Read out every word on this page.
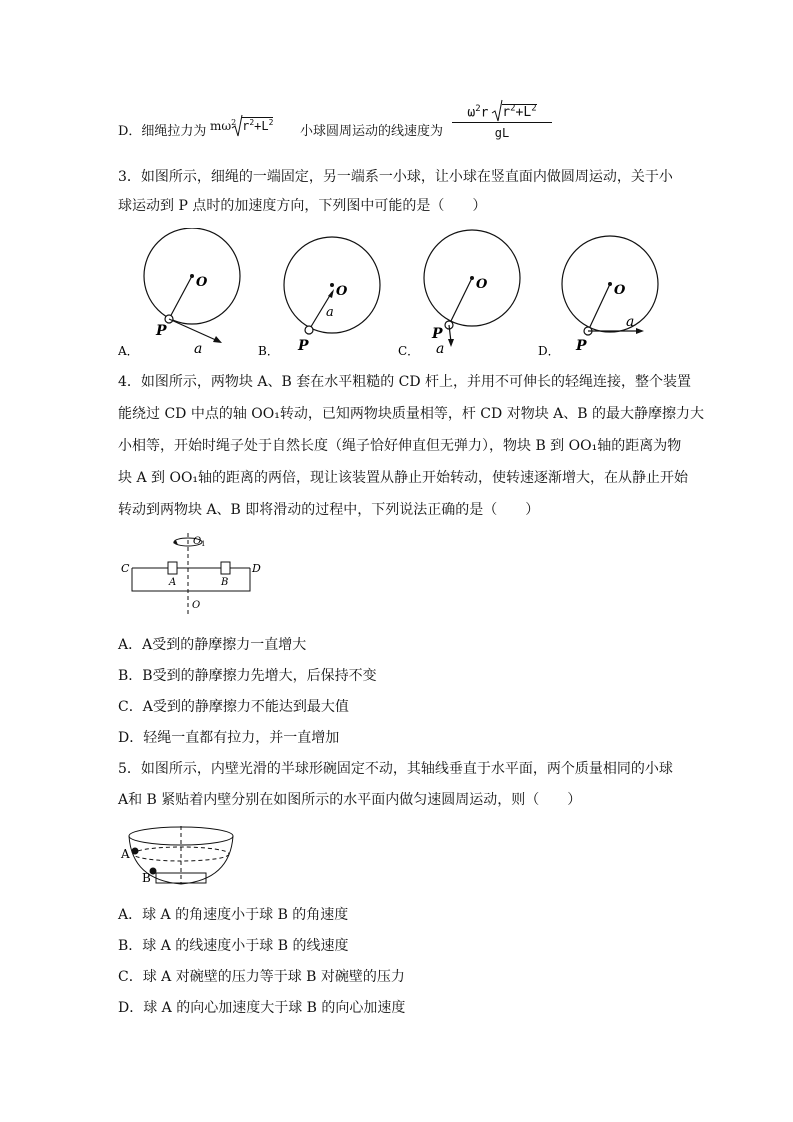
D．细绳拉力为 $m\omega^2$ $r^2+L^2$
小球圆周运动的线速度为
$\omega^2r$ $r^2+L^2$
gL
3．如图所示，细绳的一端固定，另一端系一小球，让小球在竖直面内做圆周运动，关于小
球运动到 P 点时的加速度方向，下列图中可能的是（　　）
O
P
a
A．
O
a
P
B．
O
P
a
C．
O
a
P
D．
4．如图所示，两物块 A、B 套在水平粗糙的 CD 杆上，并用不可伸长的轻绳连接，整个装置
能绕过 CD 中点的轴 OO₁转动，已知两物块质量相等，杆 CD 对物块 A、B 的最大静摩擦力大
小相等，开始时绳子处于自然长度（绳子恰好伸直但无弹力），物块 B 到 OO₁轴的距离为物
块 A 到 OO₁轴的距离的两倍，现让该装置从静止开始转动，使转速逐渐增大，在从静止开始
转动到两物块 A、B 即将滑动的过程中，下列说法正确的是（　　）
C	D
A	B
O 1
O
A．A受到的静摩擦力一直增大
B．B受到的静摩擦力先增大，后保持不变
C．A受到的静摩擦力不能达到最大值
D．轻绳一直都有拉力，并一直增加
5．如图所示，内壁光滑的半球形碗固定不动，其轴线垂直于水平面，两个质量相同的小球
A和 B 紧贴着内壁分别在如图所示的水平面内做匀速圆周运动，则（　　）
A
B
A．球 A 的角速度小于球 B 的角速度
B．球 A 的线速度小于球 B 的线速度
C．球 A 对碗壁的压力等于球 B 对碗壁的压力
D．球 A 的向心加速度大于球 B 的向心加速度
